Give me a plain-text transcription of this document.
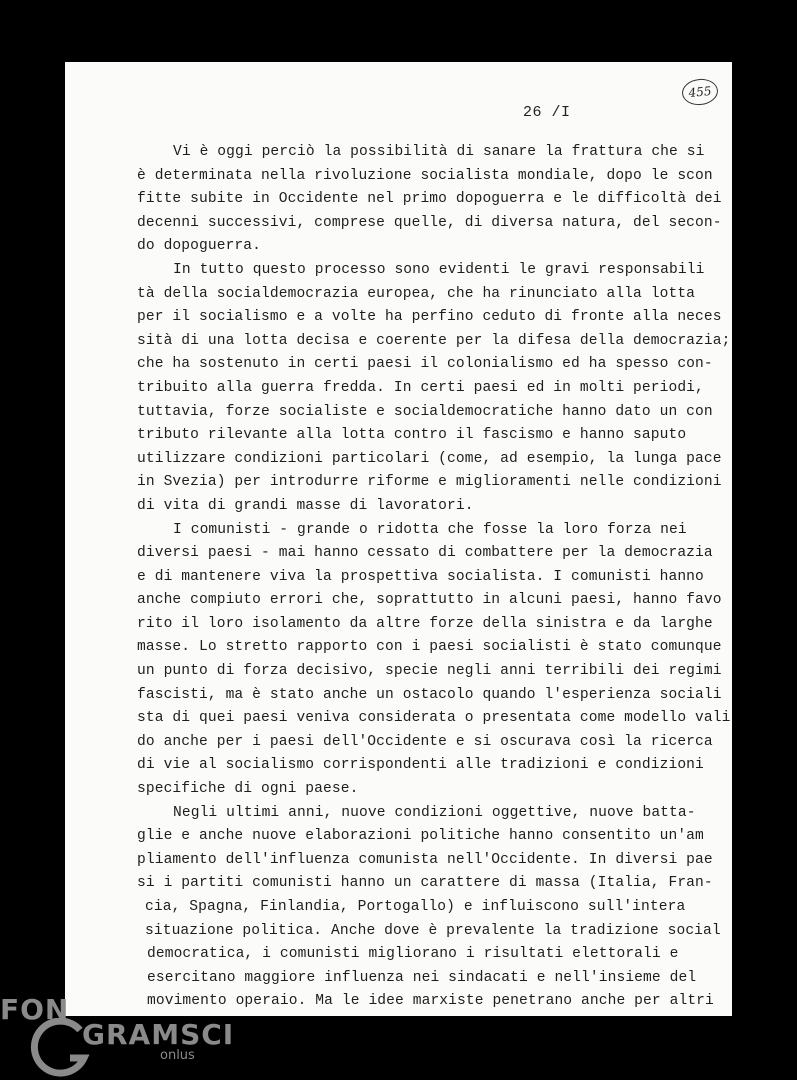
455
26 /I
Vi è oggi perciò la possibilità di sanare la frattura che si
è determinata nella rivoluzione socialista mondiale, dopo le scon
fitte subite in Occidente nel primo dopoguerra e le difficoltà dei
decenni successivi, comprese quelle, di diversa natura, del secon-
do dopoguerra.
In tutto questo processo sono evidenti le gravi responsabili
tà della socialdemocrazia europea, che ha rinunciato alla lotta
per il socialismo e a volte ha perfino ceduto di fronte alla neces
sità di una lotta decisa e coerente per la difesa della democrazia;
che ha sostenuto in certi paesi il colonialismo ed ha spesso con-
tribuito alla guerra fredda. In certi paesi ed in molti periodi,
tuttavia, forze socialiste e socialdemocratiche hanno dato un con
tributo rilevante alla lotta contro il fascismo e hanno saputo
utilizzare condizioni particolari (come, ad esempio, la lunga pace
in Svezia) per introdurre riforme e miglioramenti nelle condizioni
di vita di grandi masse di lavoratori.
I comunisti - grande o ridotta che fosse la loro forza nei
diversi paesi - mai hanno cessato di combattere per la democrazia
e di mantenere viva la prospettiva socialista. I comunisti hanno
anche compiuto errori che, soprattutto in alcuni paesi, hanno favo
rito il loro isolamento da altre forze della sinistra e da larghe
masse. Lo stretto rapporto con i paesi socialisti è stato comunque
un punto di forza decisivo, specie negli anni terribili dei regimi
fascisti, ma è stato anche un ostacolo quando l'esperienza sociali
sta di quei paesi veniva considerata o presentata come modello vali
do anche per i paesi dell'Occidente e si oscurava così la ricerca
di vie al socialismo corrispondenti alle tradizioni e condizioni
specifiche di ogni paese.
Negli ultimi anni, nuove condizioni oggettive, nuove batta-
glie e anche nuove elaborazioni politiche hanno consentito un'am
pliamento dell'influenza comunista nell'Occidente. In diversi pae
si i partiti comunisti hanno un carattere di massa (Italia, Fran-
cia, Spagna, Finlandia, Portogallo) e influiscono sull'intera
situazione politica. Anche dove è prevalente la tradizione social
democratica, i comunisti migliorano i risultati elettorali e
esercitano maggiore influenza nei sindacati e nell'insieme del
movimento operaio. Ma le idee marxiste penetrano anche per altri
FON
GRAMSCI
onlus
